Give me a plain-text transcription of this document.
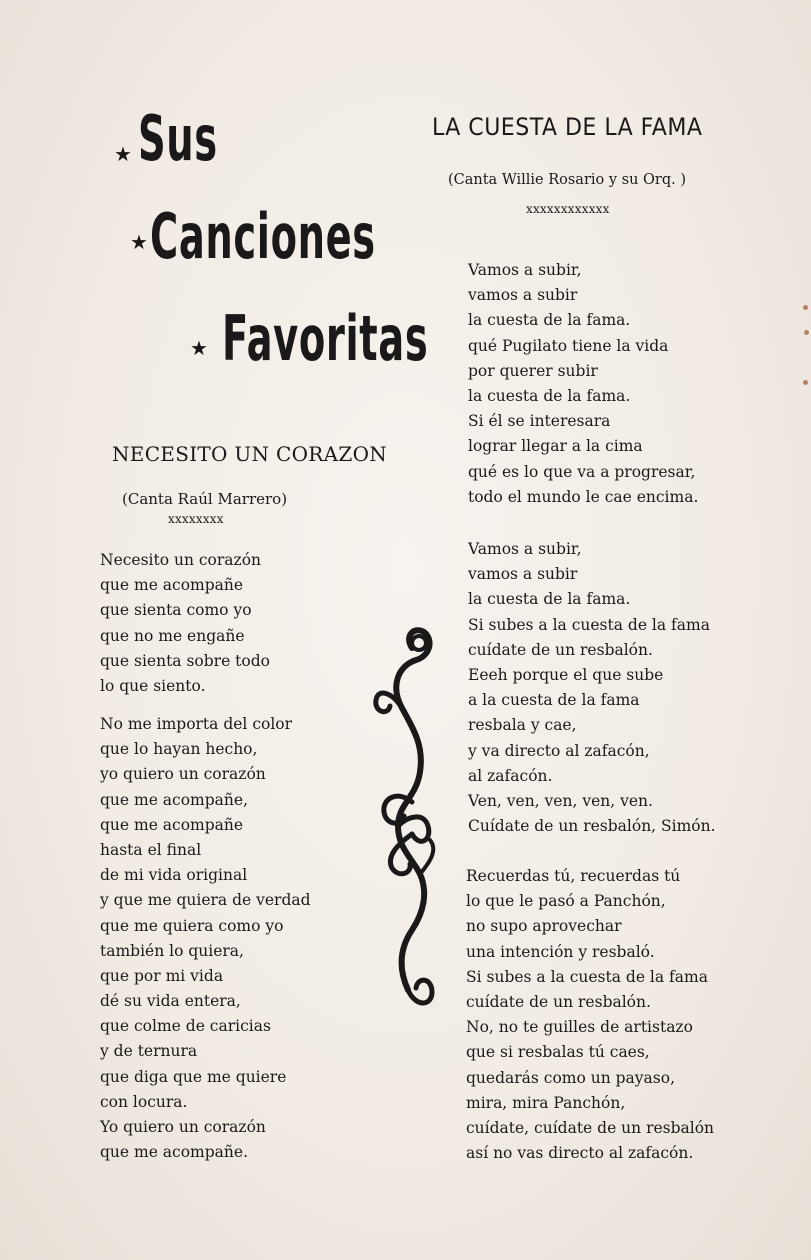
★ Sus
★ Canciones
★ Favoritas
NECESITO UN CORAZON
(Canta Raúl Marrero)
xxxxxxxx
Necesito un corazón
que me acompañe
que sienta como yo
que no me engañe
que sienta sobre todo
lo que siento.
No me importa del color
que lo hayan hecho,
yo quiero un corazón
que me acompañe,
que me acompañe
hasta el final
de mi vida original
y que me quiera de verdad
que me quiera como yo
también lo quiera,
que por mi vida
dé su vida entera,
que colme de caricias
y de ternura
que diga que me quiere
con locura.
Yo quiero un corazón
que me acompañe.
LA CUESTA DE LA FAMA
(Canta Willie Rosario y su Orq. )
xxxxxxxxxxxx
Vamos a subir,
vamos a subir
la cuesta de la fama.
qué Pugilato tiene la vida
por querer subir
la cuesta de la fama.
Si él se interesara
lograr llegar a la cima
qué es lo que va a progresar,
todo el mundo le cae encima.
Vamos a subir,
vamos a subir
la cuesta de la fama.
Si subes a la cuesta de la fama
cuídate de un resbalón.
Eeeh porque el que sube
a la cuesta de la fama
resbala y cae,
y va directo al zafacón,
al zafacón.
Ven, ven, ven, ven, ven.
Cuídate de un resbalón, Simón.
Recuerdas tú, recuerdas tú
lo que le pasó a Panchón,
no supo aprovechar
una intención y resbaló.
Si subes a la cuesta de la fama
cuídate de un resbalón.
No, no te guilles de artistazo
que si resbalas tú caes,
quedarás como un payaso,
mira, mira Panchón,
cuídate, cuídate de un resbalón
así no vas directo al zafacón.
